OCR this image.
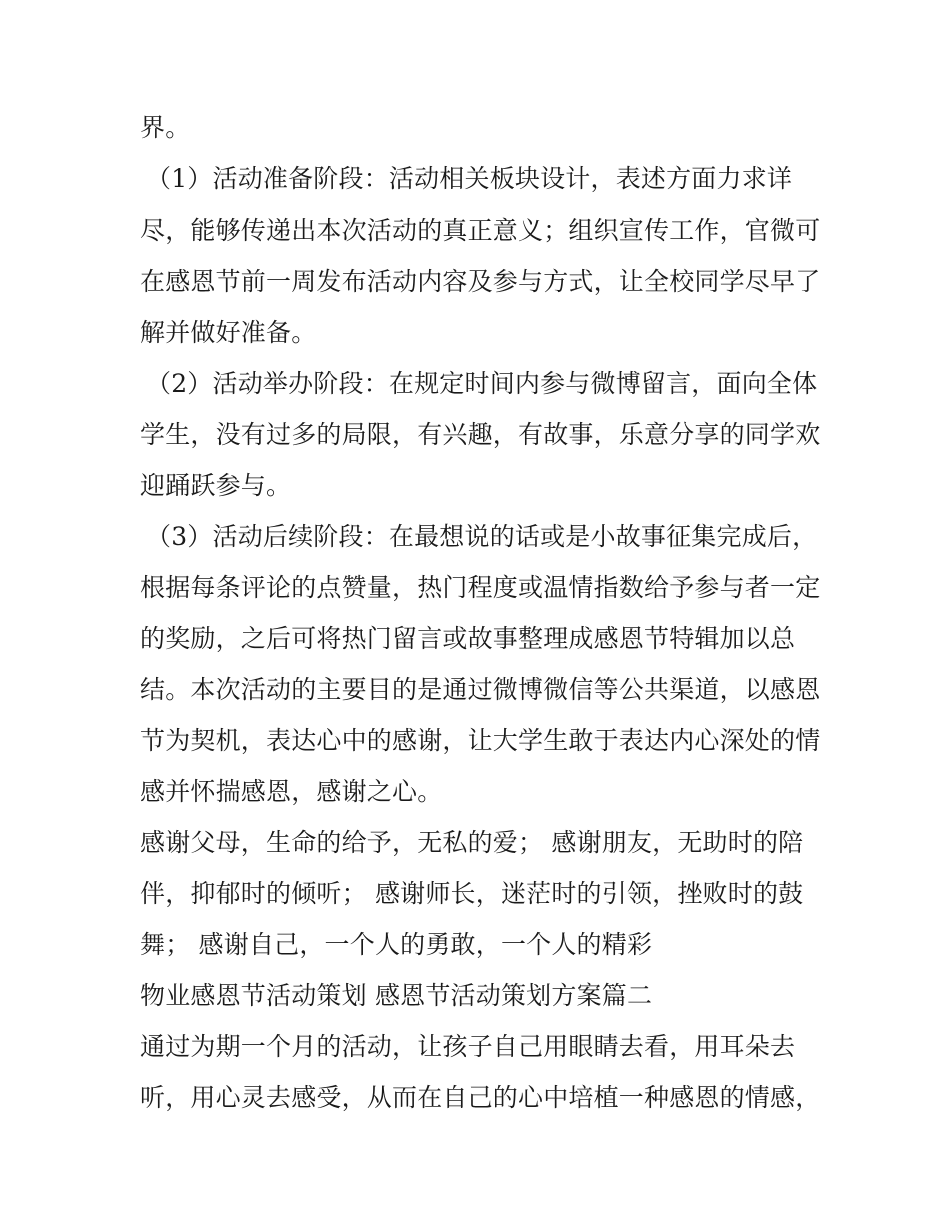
界。
（1）活动准备阶段：活动相关板块设计，表述方面力求详
尽，能够传递出本次活动的真正意义；组织宣传工作，官微可
在感恩节前一周发布活动内容及参与方式，让全校同学尽早了
解并做好准备。
（2）活动举办阶段：在规定时间内参与微博留言，面向全体
学生，没有过多的局限，有兴趣，有故事，乐意分享的同学欢
迎踊跃参与。
（3）活动后续阶段：在最想说的话或是小故事征集完成后，
根据每条评论的点赞量，热门程度或温情指数给予参与者一定
的奖励，之后可将热门留言或故事整理成感恩节特辑加以总
结。本次活动的主要目的是通过微博微信等公共渠道，以感恩
节为契机，表达心中的感谢，让大学生敢于表达内心深处的情
感并怀揣感恩，感谢之心。
感谢父母，生命的给予，无私的爱； 感谢朋友，无助时的陪
伴，抑郁时的倾听； 感谢师长，迷茫时的引领，挫败时的鼓
舞； 感谢自己，一个人的勇敢，一个人的精彩
物业感恩节活动策划 感恩节活动策划方案篇二
通过为期一个月的活动，让孩子自己用眼睛去看，用耳朵去
听，用心灵去感受，从而在自己的心中培植一种感恩的情感，
